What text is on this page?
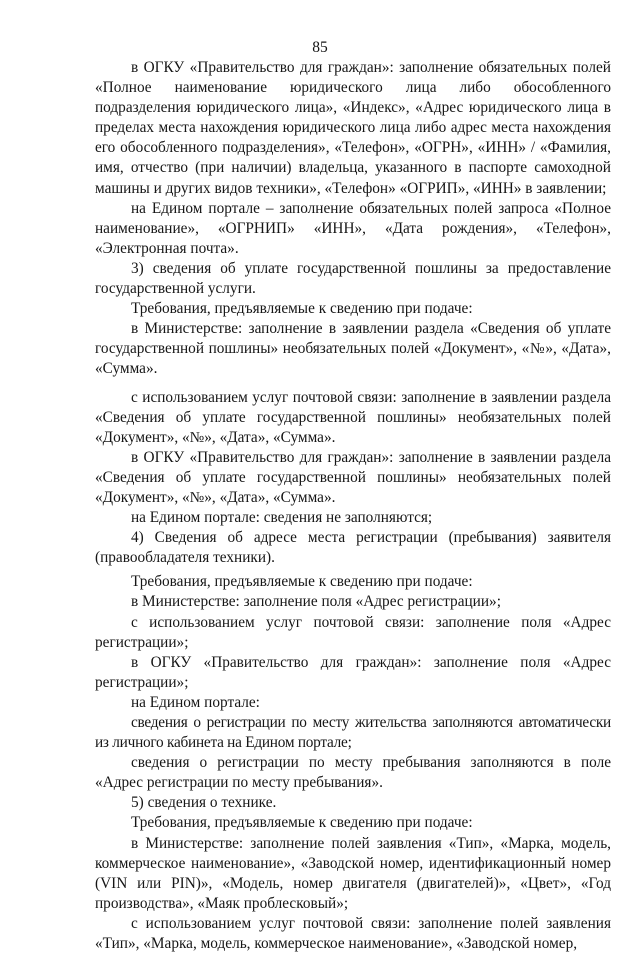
85

в ОГКУ «Правительство для граждан»: заполнение обязательных полей «Полное наименование юридического лица либо обособленного подразделения юридического лица», «Индекс», «Адрес юридического лица в пределах места нахождения юридического лица либо адрес места нахождения его обособленного подразделения», «Телефон», «ОГРН», «ИНН» / «Фамилия, имя, отчество (при наличии) владельца, указанного в паспорте самоходной машины и других видов техники», «Телефон» «ОГРИП», «ИНН» в заявлении;

на Едином портале – заполнение обязательных полей запроса «Полное наименование», «ОГРНИП» «ИНН», «Дата рождения», «Телефон», «Электронная почта».

3) сведения об уплате государственной пошлины за предоставление государственной услуги.

Требования, предъявляемые к сведению при подаче:

в Министерстве: заполнение в заявлении раздела «Сведения об уплате государственной пошлины» необязательных полей «Документ», «№», «Дата», «Сумма».

с использованием услуг почтовой связи: заполнение в заявлении раздела «Сведения об уплате государственной пошлины» необязательных полей «Документ», «№», «Дата», «Сумма».

в ОГКУ «Правительство для граждан»: заполнение в заявлении раздела «Сведения об уплате государственной пошлины» необязательных полей «Документ», «№», «Дата», «Сумма».

на Едином портале: сведения не заполняются;

4) Сведения об адресе места регистрации (пребывания) заявителя (правообладателя техники).

Требования, предъявляемые к сведению при подаче:

в Министерстве: заполнение поля «Адрес регистрации»;

с использованием услуг почтовой связи: заполнение поля «Адрес регистрации»;

в ОГКУ «Правительство для граждан»: заполнение поля «Адрес регистрации»;

на Едином портале:

сведения о регистрации по месту жительства заполняются автоматически из личного кабинета на Едином портале;

сведения о регистрации по месту пребывания заполняются в поле «Адрес регистрации по месту пребывания».

5) сведения о технике.

Требования, предъявляемые к сведению при подаче:

в Министерстве: заполнение полей заявления «Тип», «Марка, модель, коммерческое наименование», «Заводской номер, идентификационный номер (VIN или PIN)», «Модель, номер двигателя (двигателей)», «Цвет», «Год производства», «Маяк проблесковый»;

с использованием услуг почтовой связи: заполнение полей заявления «Тип», «Марка, модель, коммерческое наименование», «Заводской номер,
